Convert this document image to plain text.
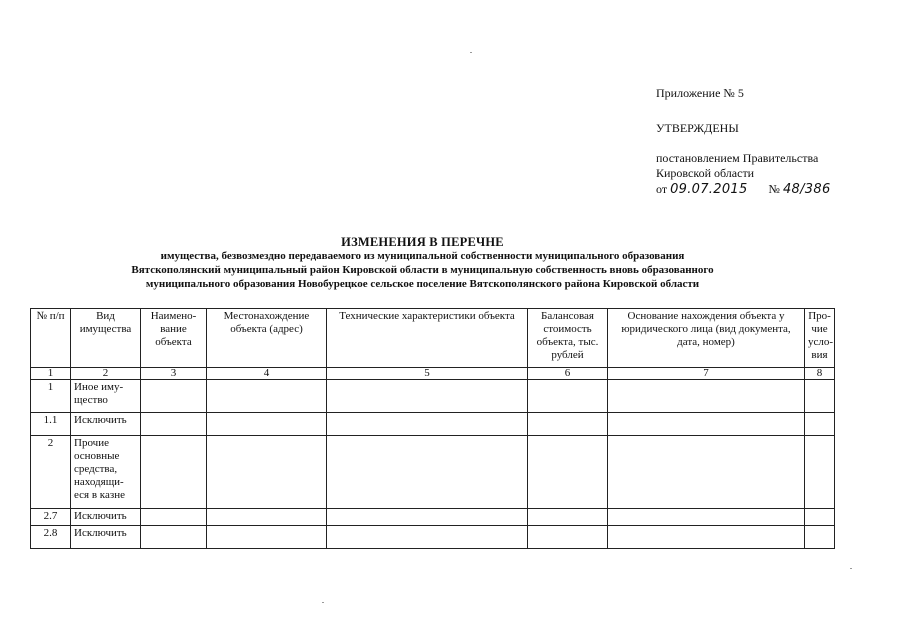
Приложение № 5
УТВЕРЖДЕНЫ
постановлением Правительства
Кировской области
от 09.07.2015 № 48/386
ИЗМЕНЕНИЯ В ПЕРЕЧНЕ
имущества, безвозмездно передаваемого из муниципальной собственности муниципального образования
Вятскополянский муниципальный район Кировской области в муниципальную собственность вновь образованного
муниципального образования Новобурецкое сельское поселение Вятскополянского района Кировской области
№ п/п	Вид имущества	Наимено-вание объекта	Местонахождение объекта (адрес)	Технические характеристики объекта	Балансовая стоимость объекта, тыс. рублей	Основание нахождения объекта у юридического лица (вид документа, дата, номер)	Про-чие усло-вия
1	2	3	4	5	6	7	8
1	Иное иму-щество						
1.1	Исключить						
2	Прочие основные средства, находящи-еся в казне						
2.7	Исключить						
2.8	Исключить						
